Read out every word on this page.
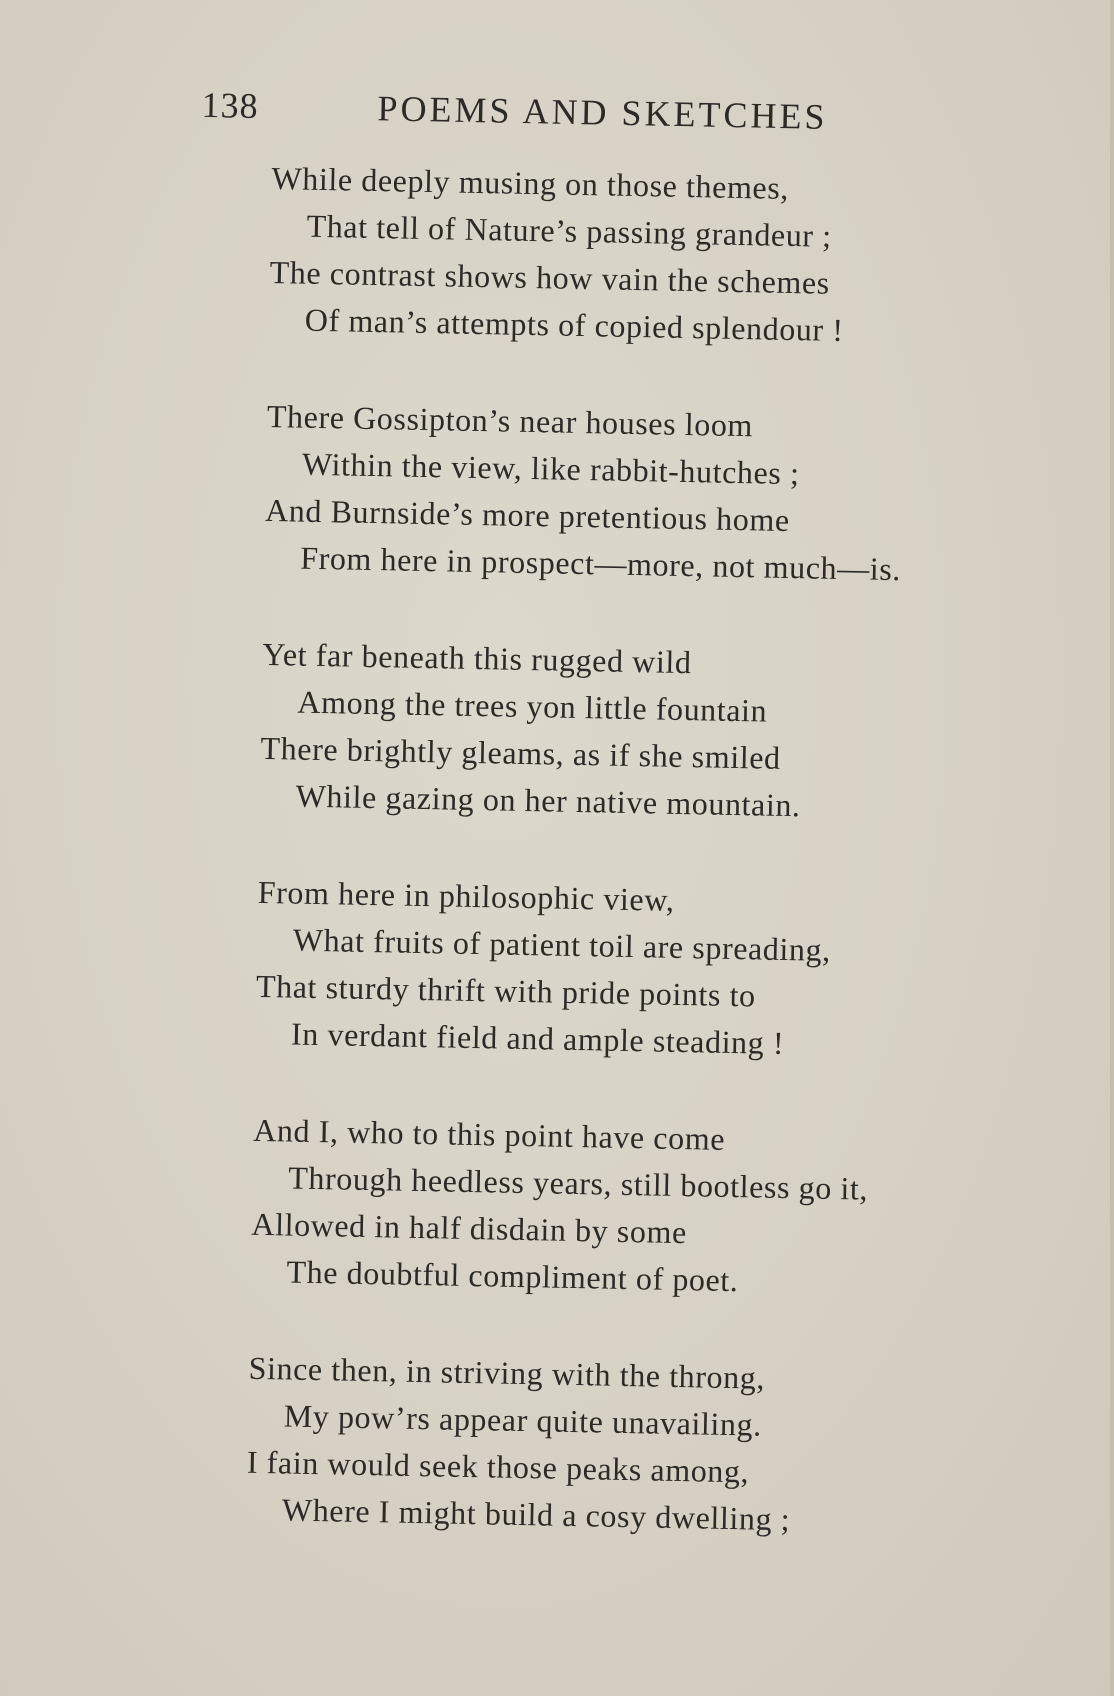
138	POEMS AND SKETCHES
While deeply musing on those themes,
That tell of Nature’s passing grandeur ;
The contrast shows how vain the schemes
Of man’s attempts of copied splendour !
There Gossipton’s near houses loom
Within the view, like rabbit-hutches ;
And Burnside’s more pretentious home
From here in prospect—more, not much—is.
Yet far beneath this rugged wild
Among the trees yon little fountain
There brightly gleams, as if she smiled
While gazing on her native mountain.
From here in philosophic view,
What fruits of patient toil are spreading,
That sturdy thrift with pride points to
In verdant field and ample steading !
And I, who to this point have come
Through heedless years, still bootless go it,
Allowed in half disdain by some
The doubtful compliment of poet.
Since then, in striving with the throng,
My pow’rs appear quite unavailing.
I fain would seek those peaks among,
Where I might build a cosy dwelling ;
